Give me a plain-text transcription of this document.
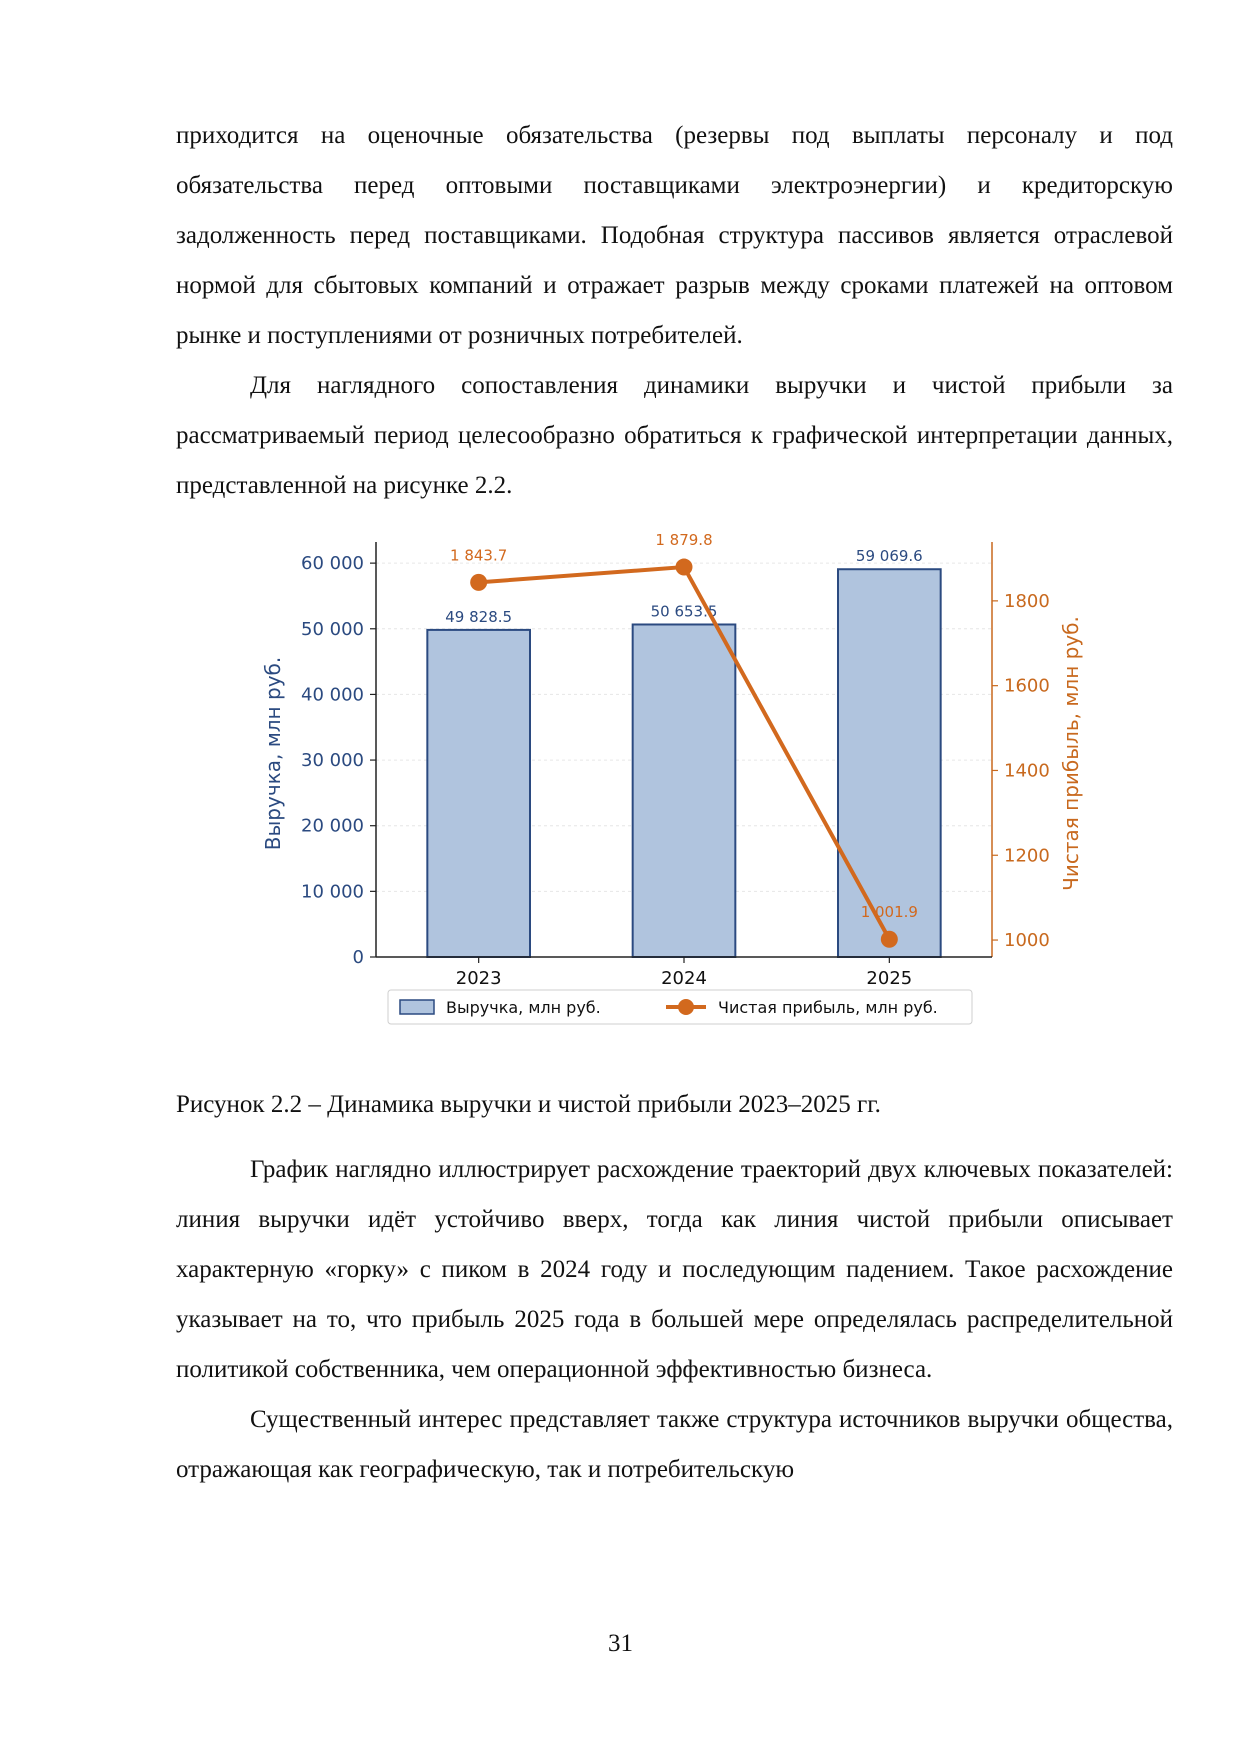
приходится на оценочные обязательства (резервы под выплаты персоналу и под обязательства перед оптовыми поставщиками электроэнергии) и кредиторскую задолженность перед поставщиками. Подобная структура пассивов является отраслевой нормой для сбытовых компаний и отражает разрыв между сроками платежей на оптовом рынке и поступлениями от розничных потребителей.

Для наглядного сопоставления динамики выручки и чистой прибыли за рассматриваемый период целесообразно обратиться к графической интерпретации данных, представленной на рисунке 2.2.

49 828.5	50 653.5
59 069.6
0
10 000
20 000
30 000
40 000
50 000
60 000
1000
1200
1400
1600
1800
2023	2024	2025
Выручка, млн руб.	Чистая прибыль, млн руб.
1 843.7
1 879.8
1 001.9
Выручка, млн руб.	Чистая прибыль, млн руб.
Рисунок 2.2 – Динамика выручки и чистой прибыли 2023–2025 гг.

График наглядно иллюстрирует расхождение траекторий двух ключевых показателей: линия выручки идёт устойчиво вверх, тогда как линия чистой прибыли описывает характерную «горку» с пиком в 2024 году и последующим падением. Такое расхождение указывает на то, что прибыль 2025 года в большей мере определялась распределительной политикой собственника, чем операционной эффективностью бизнеса.

Существенный интерес представляет также структура источников выручки общества, отражающая как географическую, так и потребительскую

31
